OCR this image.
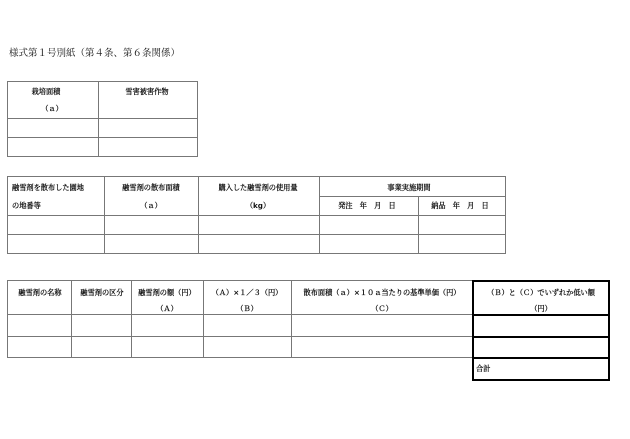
様式第１号別紙（第４条、第６条関係）
栽培面積
（ａ）
雪害被害作物
融雪剤を散布した園地
の地番等
融雪剤の散布面積
（ａ）
購入した融雪剤の使用量
（kg）
事業実施期間
発注　年　月　日	納品　年　月　日
融雪剤の名称	融雪剤の区分 融雪剤の額（円）
（Ａ）
（Ａ）×１／３（円）
（Ｂ）
散布面積（ａ）×１０ａ当たりの基準単価（円）
（Ｃ）
（Ｂ）と（Ｃ）でいずれか低い額
（円）
合計
